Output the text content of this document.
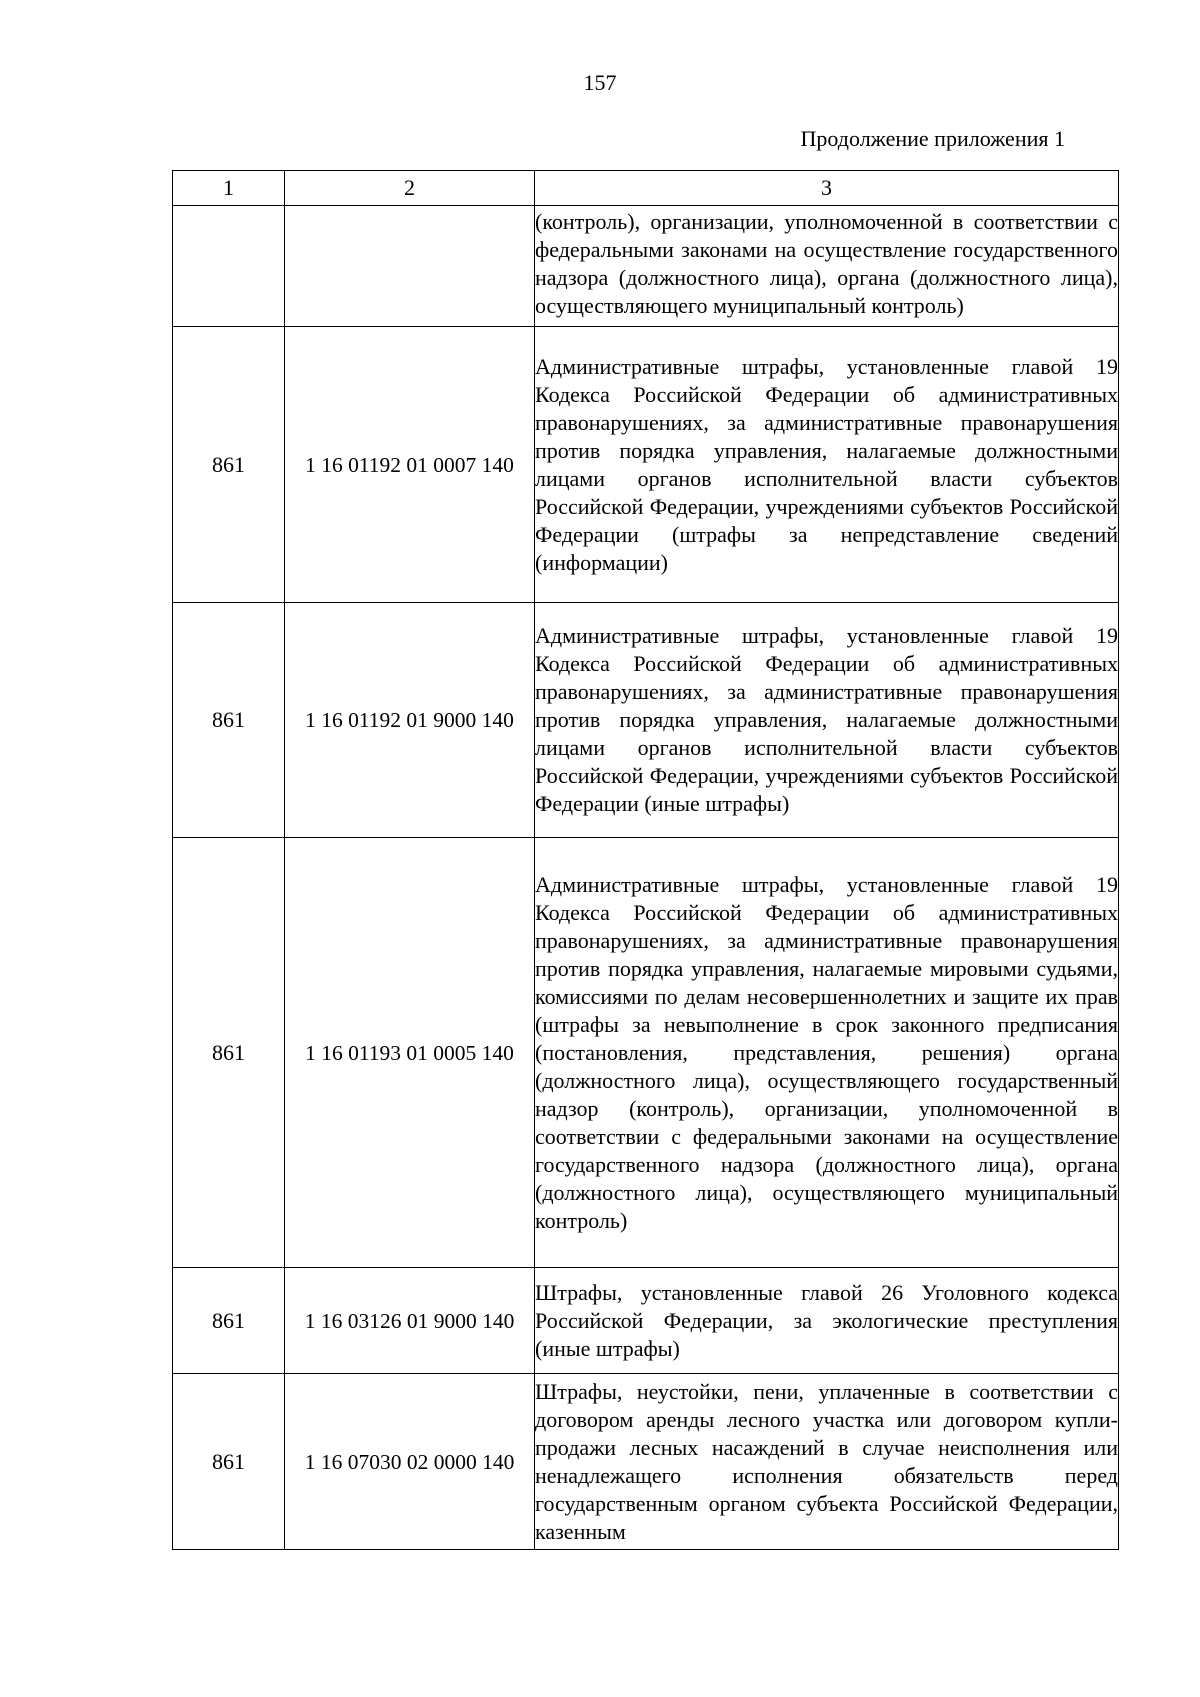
157
Продолжение приложения 1
1	2	3
		(контроль), организации, уполномоченной в соответствии с федеральными законами на осуществление государственного надзора (должностного лица), органа (должностного лица), осуществляющего муниципальный контроль)
861	1 16 01192 01 0007 140	Административные штрафы, установленные главой 19 Кодекса Российской Федерации об административных правонарушениях, за административные правонарушения против порядка управления, налагаемые должностными лицами органов исполнительной власти субъектов Российской Федерации, учреждениями субъектов Российской Федерации (штрафы за непредставление сведений (информации)
861	1 16 01192 01 9000 140	Административные штрафы, установленные главой 19 Кодекса Российской Федерации об административных правонарушениях, за административные правонарушения против порядка управления, налагаемые должностными лицами органов исполнительной власти субъектов Российской Федерации, учреждениями субъектов Российской Федерации (иные штрафы)
861	1 16 01193 01 0005 140	Административные штрафы, установленные главой 19 Кодекса Российской Федерации об административных правонарушениях, за административные правонарушения против порядка управления, налагаемые мировыми судьями, комиссиями по делам несовершеннолетних и защите их прав (штрафы за невыполнение в срок законного предписания (постановления, представления, решения) органа (должностного лица), осуществляющего государственный надзор (контроль), организации, уполномоченной в соответствии с федеральными законами на осуществление государственного надзора (должностного лица), органа (должностного лица), осуществляющего муниципальный контроль)
861	1 16 03126 01 9000 140	Штрафы, установленные главой 26 Уголовного кодекса Российской Федерации, за экологические преступления (иные штрафы)
861	1 16 07030 02 0000 140	Штрафы, неустойки, пени, уплаченные в соответствии с договором аренды лесного участка или договором купли-продажи лесных насаждений в случае неисполнения или ненадлежащего исполнения обязательств перед государственным органом субъекта Российской Федерации, казенным
